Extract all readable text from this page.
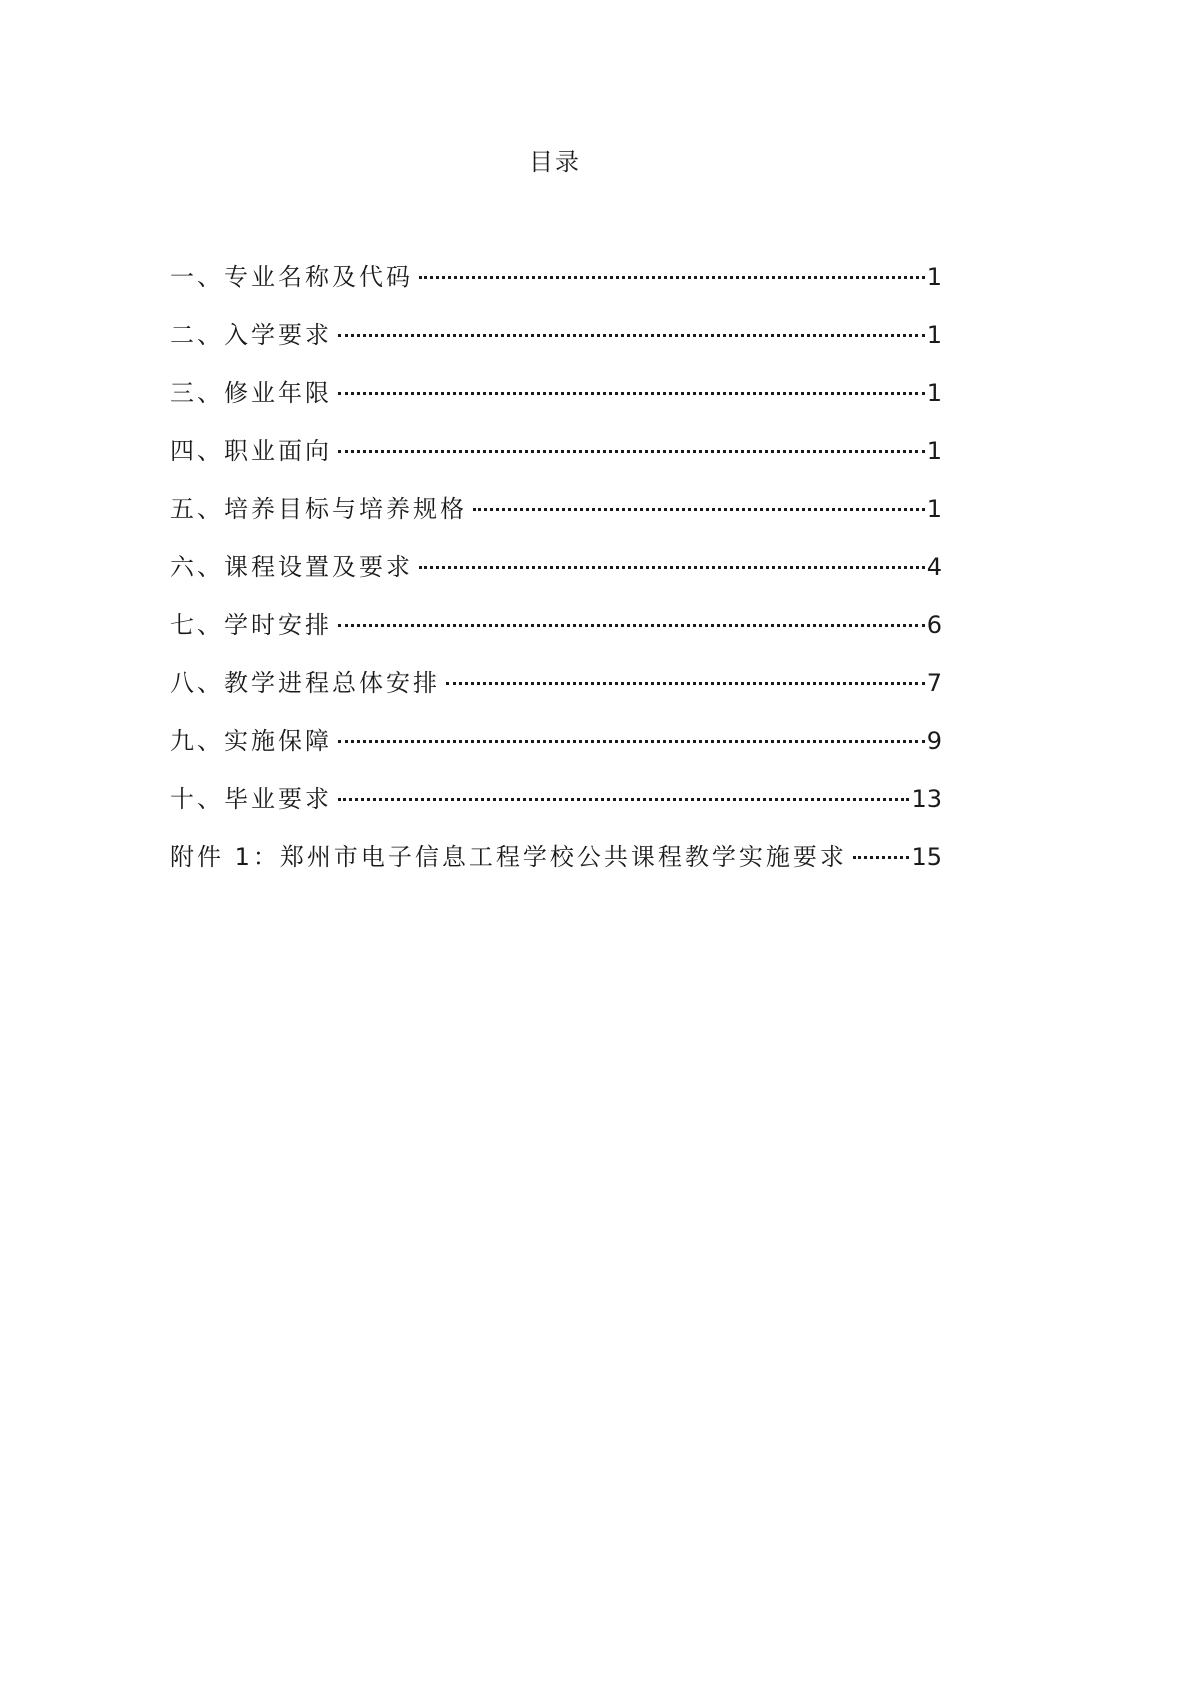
目录
一、专业名称及代码	1
二、入学要求	1
三、修业年限	1
四、职业面向	1
五、培养目标与培养规格	1
六、课程设置及要求	4
七、学时安排	6
八、教学进程总体安排	7
九、实施保障	9
十、毕业要求	13
附件 1：郑州市电子信息工程学校公共课程教学实施要求	15
